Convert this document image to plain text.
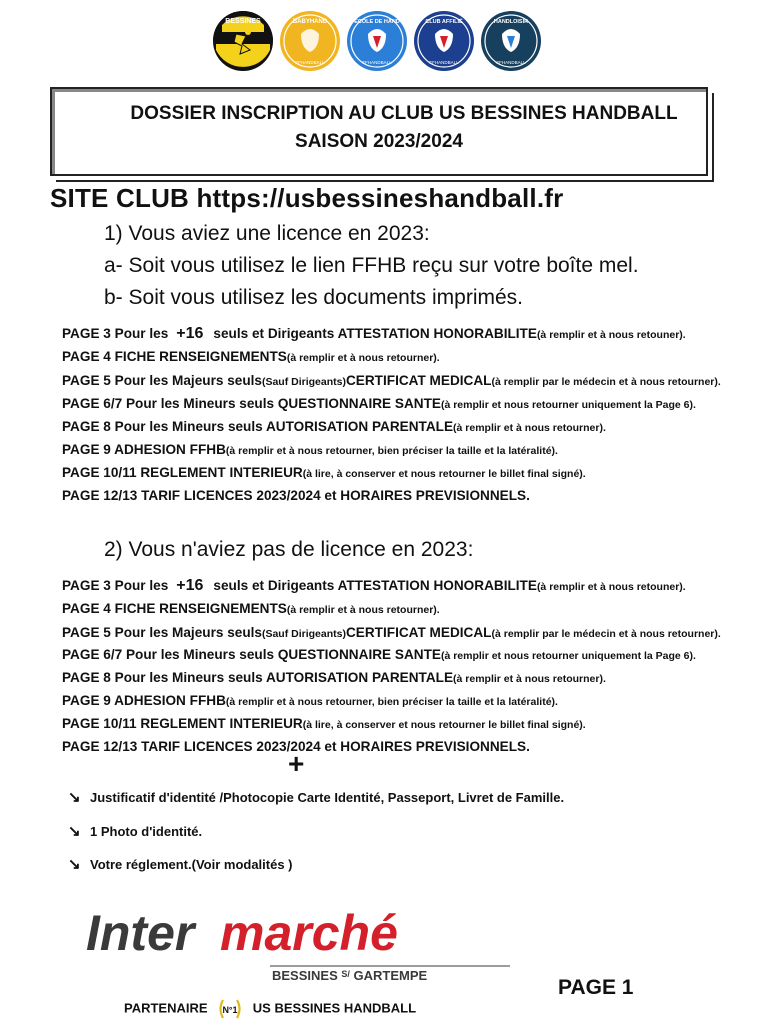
BESSINES	BABYHAND
FFHANDBALL
ÉCOLE DE HAND
FFHANDBALL
CLUB AFFILIÉ
FFHANDBALL
HANDLOISIR
FFHANDBALL
DOSSIER INSCRIPTION AU CLUB US BESSINES HANDBALL
SAISON 2023/2024
SITE CLUB https://usbessineshandball.fr
1) Vous aviez une licence en 2023:
a- Soit vous utilisez le lien FFHB reçu sur votre boîte mel.
b- Soit vous utilisez les documents imprimés.
PAGE 3 Pour les +16 seuls et Dirigeants ATTESTATION HONORABILITE(à remplir et à nous retouner).
PAGE 4 FICHE RENSEIGNEMENTS(à remplir et à nous retourner).
PAGE 5 Pour les Majeurs seuls(Sauf Dirigeants)CERTIFICAT MEDICAL(à remplir par le médecin et à nous retourner).
PAGE 6/7 Pour les Mineurs seuls QUESTIONNAIRE SANTE(à remplir et nous retourner uniquement la Page 6).
PAGE 8 Pour les Mineurs seuls AUTORISATION PARENTALE(à remplir et à nous retourner).
PAGE 9 ADHESION FFHB(à remplir et à nous retourner, bien préciser la taille et la latéralité).
PAGE 10/11 REGLEMENT INTERIEUR(à lire, à conserver et nous retourner le billet final signé).
PAGE 12/13 TARIF LICENCES 2023/2024 et HORAIRES PREVISIONNELS.
2) Vous n'aviez pas de licence en 2023:
PAGE 3 Pour les +16 seuls et Dirigeants ATTESTATION HONORABILITE(à remplir et à nous retouner).
PAGE 4 FICHE RENSEIGNEMENTS(à remplir et à nous retourner).
PAGE 5 Pour les Majeurs seuls(Sauf Dirigeants)CERTIFICAT MEDICAL(à remplir par le médecin et à nous retourner).
PAGE 6/7 Pour les Mineurs seuls QUESTIONNAIRE SANTE(à remplir et nous retourner uniquement la Page 6).
PAGE 8 Pour les Mineurs seuls AUTORISATION PARENTALE(à remplir et à nous retourner).
PAGE 9 ADHESION FFHB(à remplir et à nous retourner, bien préciser la taille et la latéralité).
PAGE 10/11 REGLEMENT INTERIEUR(à lire, à conserver et nous retourner le billet final signé).
PAGE 12/13 TARIF LICENCES 2023/2024 et HORAIRES PREVISIONNELS.
+
↘ Justificatif d'identité /Photocopie Carte Identité, Passeport, Livret de Famille.
↘ 1 Photo d'identité.
↘ Votre réglement.(Voir modalités )
Inter marché
BESSINES $^{S/}$ GARTEMPE
PARTENAIRE N°1 US BESSINES HANDBALL
PAGE 1
